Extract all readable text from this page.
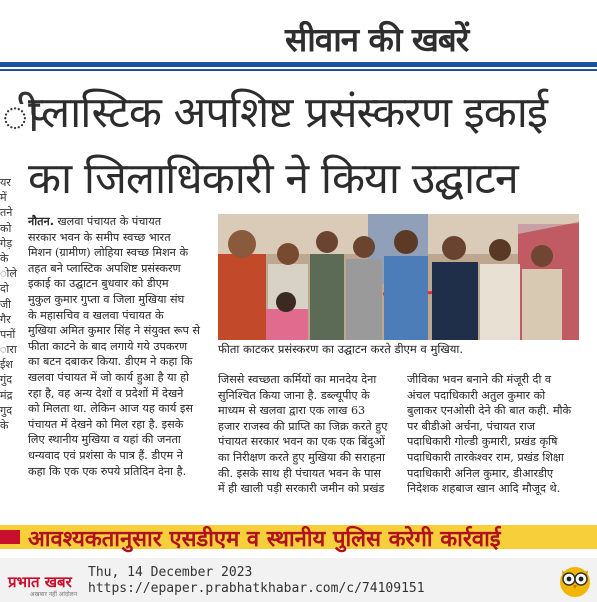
सीवान की खबरें
ी
यर
में
तने
को
गेड़
के
ोले
दो
जी
गैर
पनों
ारा
ईश
गुंद
मंद्र
गुद
के
प्लास्टिक अपशिष्ट प्रसंस्करण इकाई
का जिलाधिकारी ने किया उद्घाटन
नौतन. खलवा पंचायत के पंचायत
सरकार भवन के समीप स्वच्छ भारत
मिशन (ग्रामीण) लोहिया स्वच्छ मिशन के
तहत बने प्लास्टिक अपशिष्ट प्रसंस्करण
इकाई का उद्घाटन बुधवार को डीएम
मुकुल कुमार गुप्ता व जिला मुखिया संघ
के महासचिव व खलवा पंचायत के
मुखिया अमित कुमार सिंह ने संयुक्त रूप से
फीता काटने के बाद लगाये गये उपकरण
का बटन दबाकर किया. डीएम ने कहा कि
खलवा पंचायत में जो कार्य हुआ है या हो
रहा है, वह अन्य देशों व प्रदेशों में देखने
को मिलता था. लेकिन आज यह कार्य इस
पंचायत में देखने को मिल रहा है. इसके
लिए स्थानीय मुखिया व यहां की जनता
धन्यवाद एवं प्रशंसा के पात्र हैं. डीएम ने
कहा कि एक एक रुपये प्रतिदिन देना है.
फीता काटकर प्रसंस्करण का उद्घाटन करते डीएम व मुखिया.
जिससे स्वच्छता कर्मियों का मानदेय देना
सुनिश्चित किया जाना है. डब्ल्यूपीए के
माध्यम से खलवा द्वारा एक लाख 63
हजार राजस्व की प्राप्ति का जिक्र करते हुए
पंचायत सरकार भवन का एक एक बिंदुओं
का निरीक्षण करते हुए मुखिया की सराहना
की. इसके साथ ही पंचायत भवन के पास
में ही खाली पड़ी सरकारी जमीन को प्रखंड
जीविका भवन बनाने की मंजूरी दी व
अंचल पदाधिकारी अतुल कुमार को
बुलाकर एनओसी देने की बात कही. मौके
पर बीडीओ अर्चना, पंचायत राज
पदाधिकारी गोल्डी कुमारी, प्रखंड कृषि
पदाधिकारी तारकेश्वर राम, प्रखंड शिक्षा
पदाधिकारी अनिल कुमार, डीआरडीए
निदेशक शहबाज खान आदि मौजूद थे.
प्रभात खबर
अखबार नहीं आंदोलन
Thu, 14 December 2023
https://epaper.prabhatkhabar.com/c/74109151
